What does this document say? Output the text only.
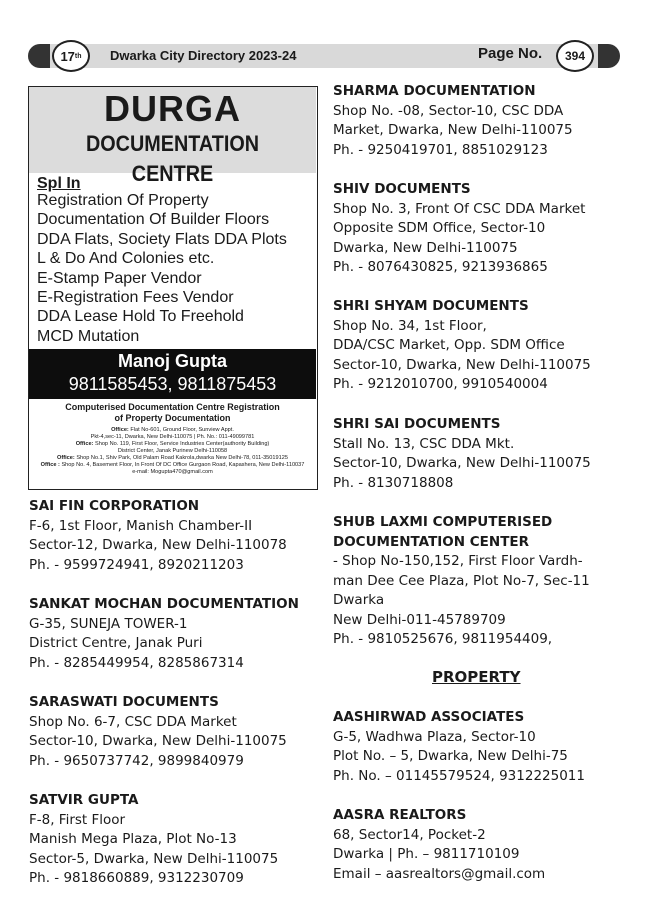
17 th Dwarka City Directory 2023-24	Page No.	394
DURGA
DOCUMENTATION CENTRE
Spl In
Registration Of Property
Documentation Of Builder Floors
DDA Flats, Society Flats DDA Plots
L & Do And Colonies etc.
E-Stamp Paper Vendor
E-Registration Fees Vendor
DDA Lease Hold To Freehold
MCD Mutation
Manoj Gupta
9811585453, 9811875453
Computerised Documentation Centre Registration
of Property Documentation
Office: Flat No-601, Ground Floor, Sunview Appt.
Pkt-4,sec-11, Dwarka, New Delhi-110075 | Ph. No.: 011-49099781
Office: Shop No. 119, First Floor, Service Industries Center(authority Building)
District Center, Janak Purinew Delhi-110058
Office: Shop No.1, Shiv Park, Old Palam Road Kakrola,dwarka New Delhi-78, 011-35019125
Office : Shop No. 4, Basement Floor, In Front Of DC Office Gurgaon Road, Kapashera, New Delhi-110037
e-mail: Mogupta470@gmail.com
SAI FIN CORPORATION
F-6, 1st Floor, Manish Chamber-II
Sector-12, Dwarka, New Delhi-110078
Ph. - 9599724941, 8920211203
SANKAT MOCHAN DOCUMENTATION
G-35, SUNEJA TOWER-1
District Centre, Janak Puri
Ph. - 8285449954, 8285867314
SARASWATI DOCUMENTS
Shop No. 6-7, CSC DDA Market
Sector-10, Dwarka, New Delhi-110075
Ph. - 9650737742, 9899840979
SATVIR GUPTA
F-8, First Floor
Manish Mega Plaza, Plot No-13
Sector-5, Dwarka, New Delhi-110075
Ph. - 9818660889, 9312230709
SHARMA DOCUMENTATION
Shop No. -08, Sector-10, CSC DDA
Market, Dwarka, New Delhi-110075
Ph. - 9250419701, 8851029123
SHIV DOCUMENTS
Shop No. 3, Front Of CSC DDA Market
Opposite SDM Office, Sector-10
Dwarka, New Delhi-110075
Ph. - 8076430825, 9213936865
SHRI SHYAM DOCUMENTS
Shop No. 34, 1st Floor,
DDA/CSC Market, Opp. SDM Office
Sector-10, Dwarka, New Delhi-110075
Ph. - 9212010700, 9910540004
SHRI SAI DOCUMENTS
Stall No. 13, CSC DDA Mkt.
Sector-10, Dwarka, New Delhi-110075
Ph. - 8130718808
SHUB LAXMI COMPUTERISED
DOCUMENTATION CENTER
- Shop No-150,152, First Floor Vardh-
man Dee Cee Plaza, Plot No-7, Sec-11
Dwarka
New Delhi-011-45789709
Ph. - 9810525676, 9811954409,
PROPERTY
AASHIRWAD ASSOCIATES
G-5, Wadhwa Plaza, Sector-10
Plot No. – 5, Dwarka, New Delhi-75
Ph. No. – 01145579524, 9312225011
AASRA REALTORS
68, Sector14, Pocket-2
Dwarka | Ph. – 9811710109
Email – aasrealtors@gmail.com
